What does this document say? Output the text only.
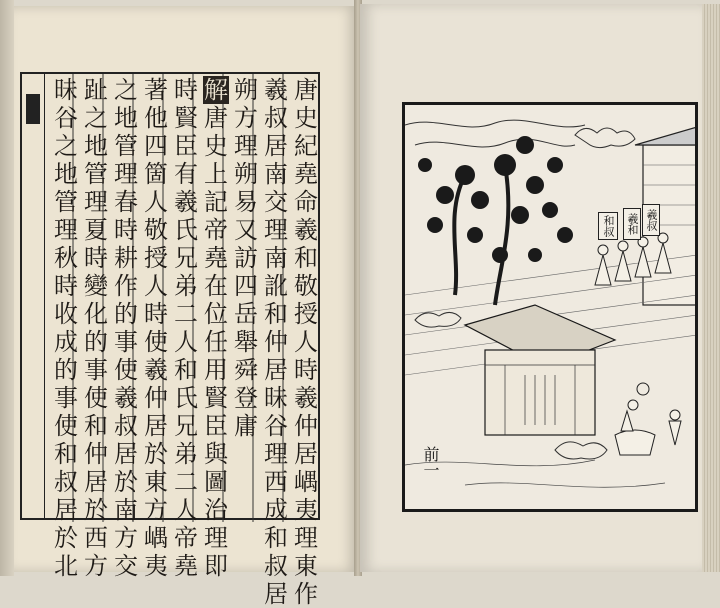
唐
史
紀
堯
命
羲
和
敬
授
人
時
羲
仲
居
嵎
夷
理
東
作
羲
叔
居
南
交
理
南
訛
和
仲
居
昧
谷
理
西
成
和
叔
居
朔
方
理
朔
易
又
訪
四
岳
舉
舜
登
庸
解
唐
史
上
記
帝
堯
在
位
任
用
賢
臣
與
圖
治
理
即
時
賢
臣
有
羲
氏
兄
弟
二
人
和
氏
兄
弟
二
人
帝
堯
著
他
四
箇
人
敬
授
人
時
使
羲
仲
居
於
東
方
嵎
夷
之
地
管
理
春
時
耕
作
的
事
使
羲
叔
居
於
南
方
交
趾
之
地
管
理
夏
時
變
化
的
事
使
和
仲
居
於
西
方
昧
谷
之
地
管
理
秋
時
收
成
的
事
使
和
叔
居
於
北
羲和
和叔	羲叔
前一
